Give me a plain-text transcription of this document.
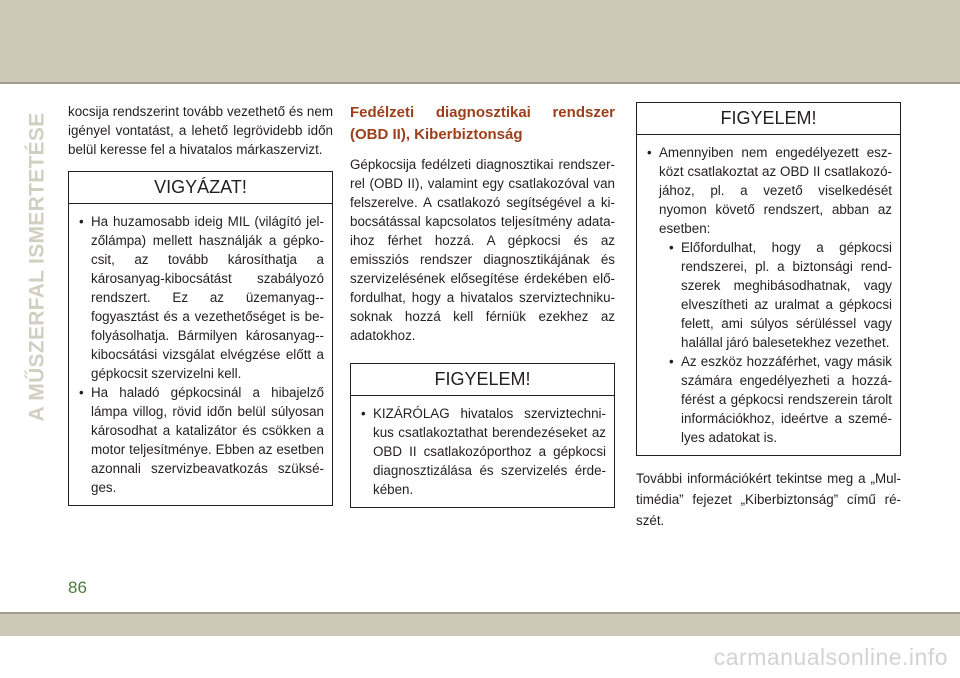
A MŰSZERFAL ISMERTETÉSE

kocsija rendszerint tovább vezethető és nem igényel vontatást, a lehető legrövidebb időn belül keresse fel a hivatalos márkaszervizt.

VIGYÁZAT!
• Ha huzamosabb ideig MIL (világító jel-zőlámpa) mellett használják a gépko-csit, az tovább károsíthatja a károsanyag-kibocsátást szabályozó rendszert. Ez az üzemanyag--fogyasztást és a vezethetőséget is be-folyásolhatja. Bármilyen károsanyag--kibocsátási vizsgálat elvégzése előtt a gépkocsit szervizelni kell.
• Ha haladó gépkocsinál a hibajelző lámpa villog, rövid időn belül súlyosan károsodhat a katalizátor és csökken a motor teljesítménye. Ebben az esetben azonnali szervizbeavatkozás szüksé-ges.
Fedélzeti diagnosztikai rendszer (OBD II), Kiberbiztonság

Gépkocsija fedélzeti diagnosztikai rendszer-rel (OBD II), valamint egy csatlakozóval van felszerelve. A csatlakozó segítségével a ki-bocsátással kapcsolatos teljesítmény adata-ihoz férhet hozzá. A gépkocsi és az emissziós rendszer diagnosztikájának és szervizelésének elősegítése érdekében elő-fordulhat, hogy a hivatalos szerviztechniku-soknak hozzá kell férniük ezekhez az adatokhoz.

FIGYELEM!
• KIZÁRÓLAG hivatalos szerviztechni-kus csatlakoztathat berendezéseket az OBD II csatlakozóporthoz a gépkocsi diagnosztizálása és szervizelés érde-kében.
FIGYELEM!
• Amennyiben nem engedélyezett esz-közt csatlakoztat az OBD II csatlakozó-jához, pl. a vezető viselkedését nyomon követő rendszert, abban az esetben:
• Előfordulhat, hogy a gépkocsi rendszerei, pl. a biztonsági rend-szerek meghibásodhatnak, vagy elveszítheti az uralmat a gépkocsi felett, ami súlyos sérüléssel vagy halállal járó balesetekhez vezethet.
• Az eszköz hozzáférhet, vagy másik számára engedélyezheti a hozzá-férést a gépkocsi rendszerein tárolt információkhoz, ideértve a szemé-lyes adatokat is.

További információkért tekintse meg a „Mul-timédia” fejezet „Kiberbiztonság” című ré-szét.

86
carmanualsonline.info
